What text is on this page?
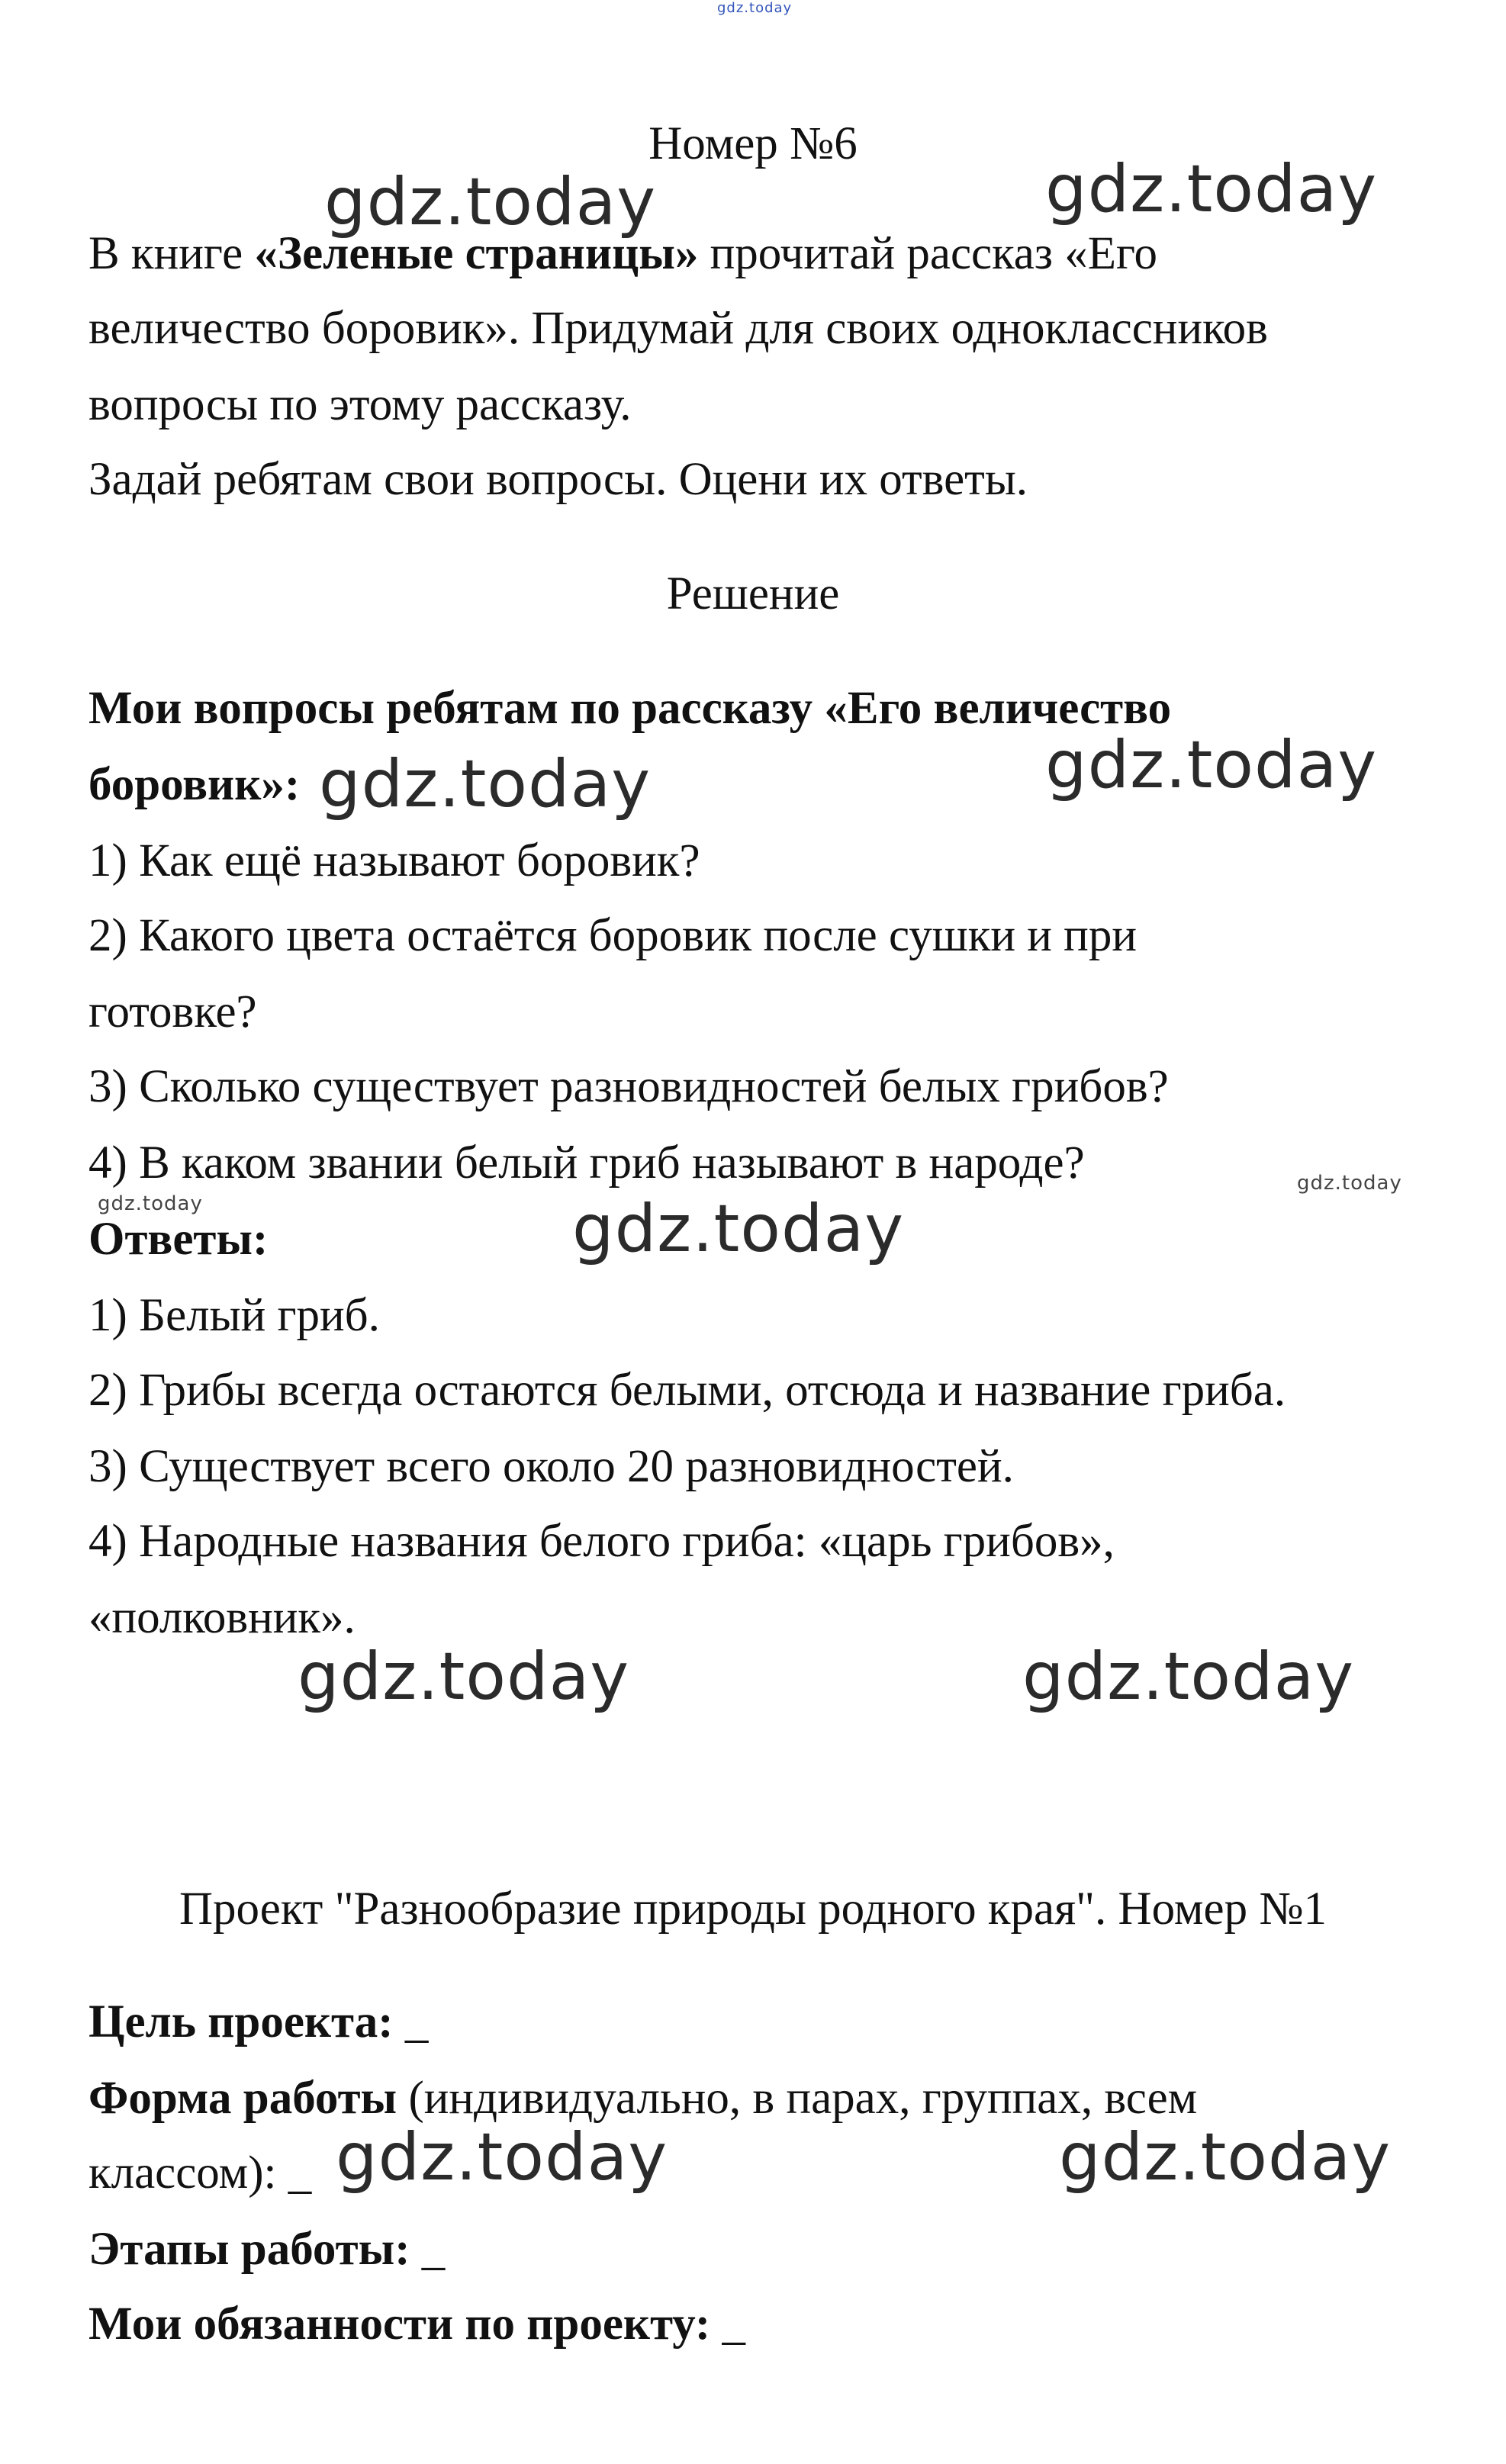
gdz.today
gdz.today	gdz.today
gdz.today	gdz.today
gdz.today
gdz.today
gdz.today
gdz.today	gdz.today
gdz.today	gdz.today
Номер №6
В книге «Зеленые страницы» прочитай рассказ «Его
величество боровик». Придумай для своих одноклассников
вопросы по этому рассказу.
Задай ребятам свои вопросы. Оцени их ответы.
Решение
Мои вопросы ребятам по рассказу «Его величество
боровик»:
1) Как ещё называют боровик?
2) Какого цвета остаётся боровик после сушки и при
готовке?
3) Сколько существует разновидностей белых грибов?
4) В каком звании белый гриб называют в народе?
Ответы:
1) Белый гриб.
2) Грибы всегда остаются белыми, отсюда и название гриба.
3) Существует всего около 20 разновидностей.
4) Народные названия белого гриба: «царь грибов»,
«полковник».
Проект "Разнообразие природы родного края". Номер №1
Цель проекта: _
Форма работы (индивидуально, в парах, группах, всем
классом): _
Этапы работы: _
Мои обязанности по проекту: _
